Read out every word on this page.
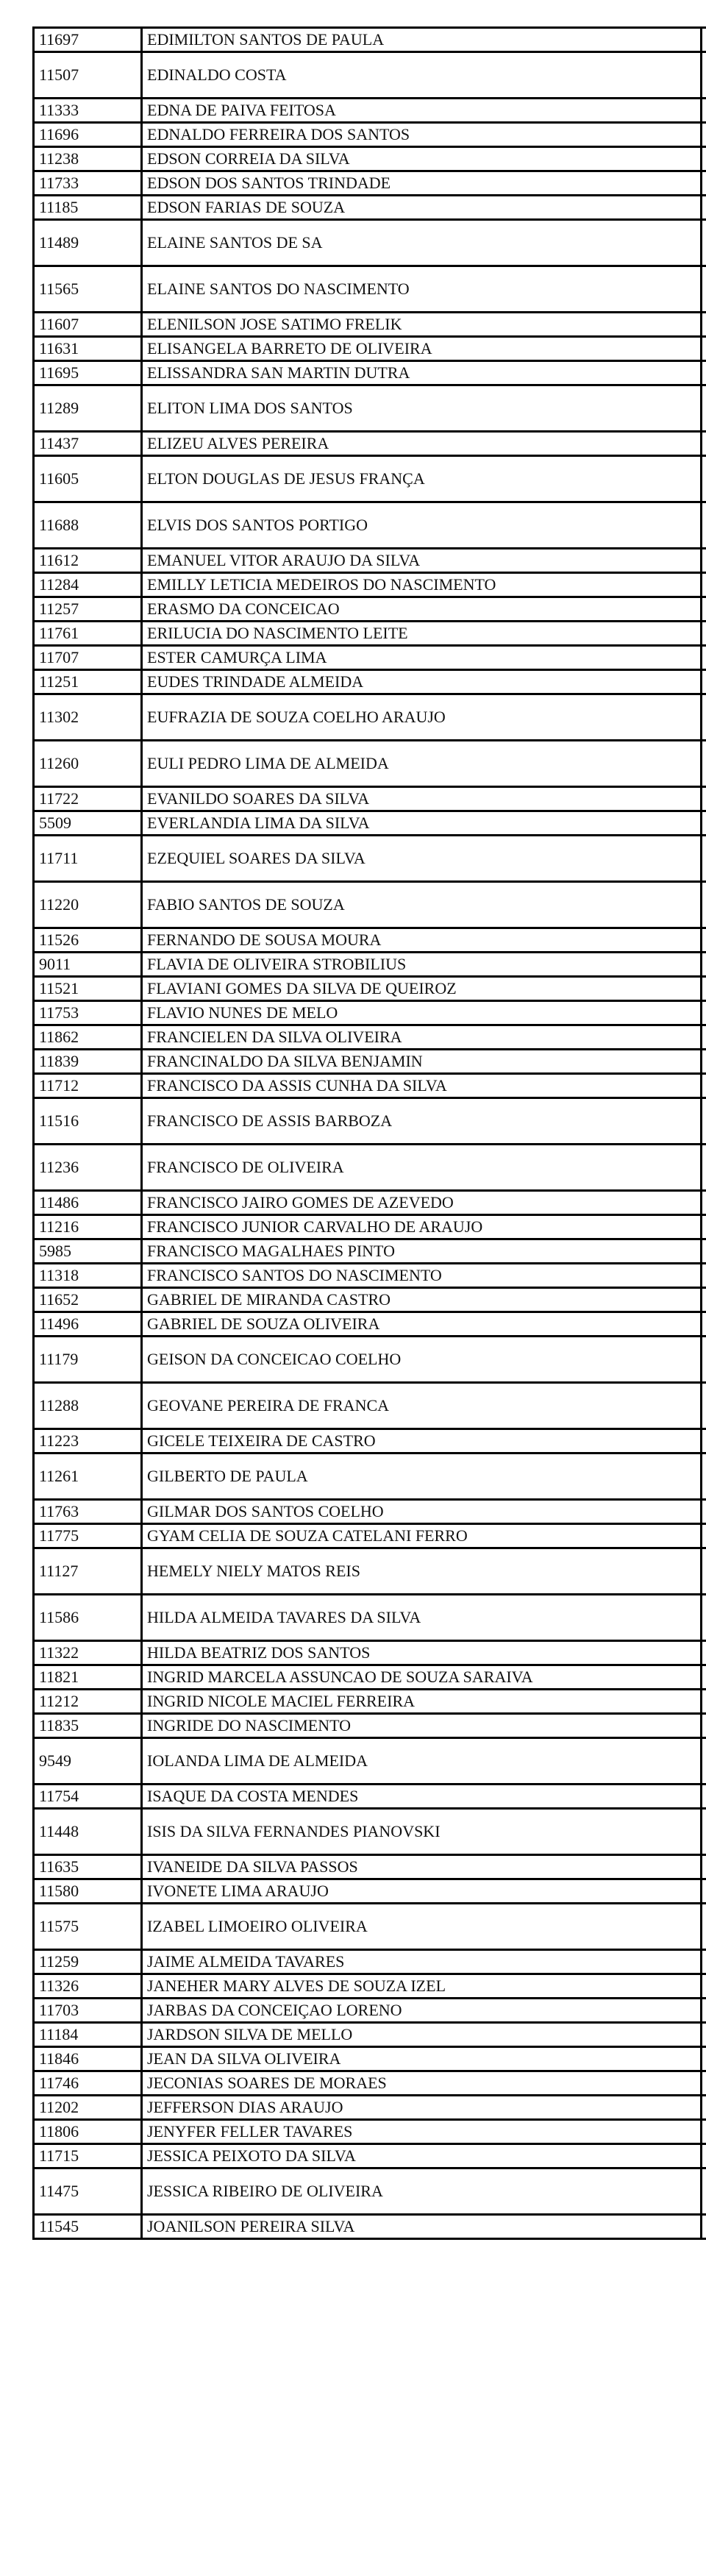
11697	EDIMILTON SANTOS DE PAULA	
11507	EDINALDO COSTA	
11333	EDNA DE PAIVA FEITOSA	
11696	EDNALDO FERREIRA DOS SANTOS	
11238	EDSON CORREIA DA SILVA	
11733	EDSON DOS SANTOS TRINDADE	
11185	EDSON FARIAS DE SOUZA	
11489	ELAINE SANTOS DE SA	
11565	ELAINE SANTOS DO NASCIMENTO	
11607	ELENILSON JOSE SATIMO FRELIK	
11631	ELISANGELA BARRETO DE OLIVEIRA	
11695	ELISSANDRA SAN MARTIN DUTRA	
11289	ELITON LIMA DOS SANTOS	
11437	ELIZEU ALVES PEREIRA	
11605	ELTON DOUGLAS DE JESUS FRANÇA	
11688	ELVIS DOS SANTOS PORTIGO	
11612	EMANUEL VITOR ARAUJO DA SILVA	
11284	EMILLY LETICIA MEDEIROS DO NASCIMENTO	
11257	ERASMO DA CONCEICAO	
11761	ERILUCIA DO NASCIMENTO LEITE	
11707	ESTER CAMURÇA LIMA	
11251	EUDES TRINDADE ALMEIDA	
11302	EUFRAZIA DE SOUZA COELHO ARAUJO	
11260	EULI PEDRO LIMA DE ALMEIDA	
11722	EVANILDO SOARES DA SILVA	
5509	EVERLANDIA LIMA DA SILVA	
11711	EZEQUIEL SOARES DA SILVA	
11220	FABIO SANTOS DE SOUZA	
11526	FERNANDO DE SOUSA MOURA	
9011	FLAVIA DE OLIVEIRA STROBILIUS	
11521	FLAVIANI GOMES DA SILVA DE QUEIROZ	
11753	FLAVIO NUNES DE MELO	
11862	FRANCIELEN DA SILVA OLIVEIRA	
11839	FRANCINALDO DA SILVA BENJAMIN	
11712	FRANCISCO DA ASSIS CUNHA DA SILVA	
11516	FRANCISCO DE ASSIS BARBOZA	
11236	FRANCISCO DE OLIVEIRA	
11486	FRANCISCO JAIRO GOMES DE AZEVEDO	
11216	FRANCISCO JUNIOR CARVALHO DE ARAUJO	
5985	FRANCISCO MAGALHAES PINTO	
11318	FRANCISCO SANTOS DO NASCIMENTO	
11652	GABRIEL DE MIRANDA CASTRO	
11496	GABRIEL DE SOUZA OLIVEIRA	
11179	GEISON DA CONCEICAO COELHO	
11288	GEOVANE PEREIRA DE FRANCA	
11223	GICELE TEIXEIRA DE CASTRO	
11261	GILBERTO DE PAULA	
11763	GILMAR DOS SANTOS COELHO	
11775	GYAM CELIA DE SOUZA CATELANI FERRO	
11127	HEMELY NIELY MATOS REIS	
11586	HILDA ALMEIDA TAVARES DA SILVA	
11322	HILDA BEATRIZ DOS SANTOS	
11821	INGRID MARCELA ASSUNCAO DE SOUZA SARAIVA	
11212	INGRID NICOLE MACIEL FERREIRA	
11835	INGRIDE DO NASCIMENTO	
9549	IOLANDA LIMA DE ALMEIDA	
11754	ISAQUE DA COSTA MENDES	
11448	ISIS DA SILVA FERNANDES PIANOVSKI	
11635	IVANEIDE DA SILVA PASSOS	
11580	IVONETE LIMA ARAUJO	
11575	IZABEL LIMOEIRO OLIVEIRA	
11259	JAIME ALMEIDA TAVARES	
11326	JANEHER MARY ALVES DE SOUZA IZEL	
11703	JARBAS DA CONCEIÇAO LORENO	
11184	JARDSON SILVA DE MELLO	
11846	JEAN DA SILVA OLIVEIRA	
11746	JECONIAS SOARES DE MORAES	
11202	JEFFERSON DIAS ARAUJO	
11806	JENYFER FELLER TAVARES	
11715	JESSICA PEIXOTO DA SILVA	
11475	JESSICA RIBEIRO DE OLIVEIRA	
11545	JOANILSON PEREIRA SILVA	
